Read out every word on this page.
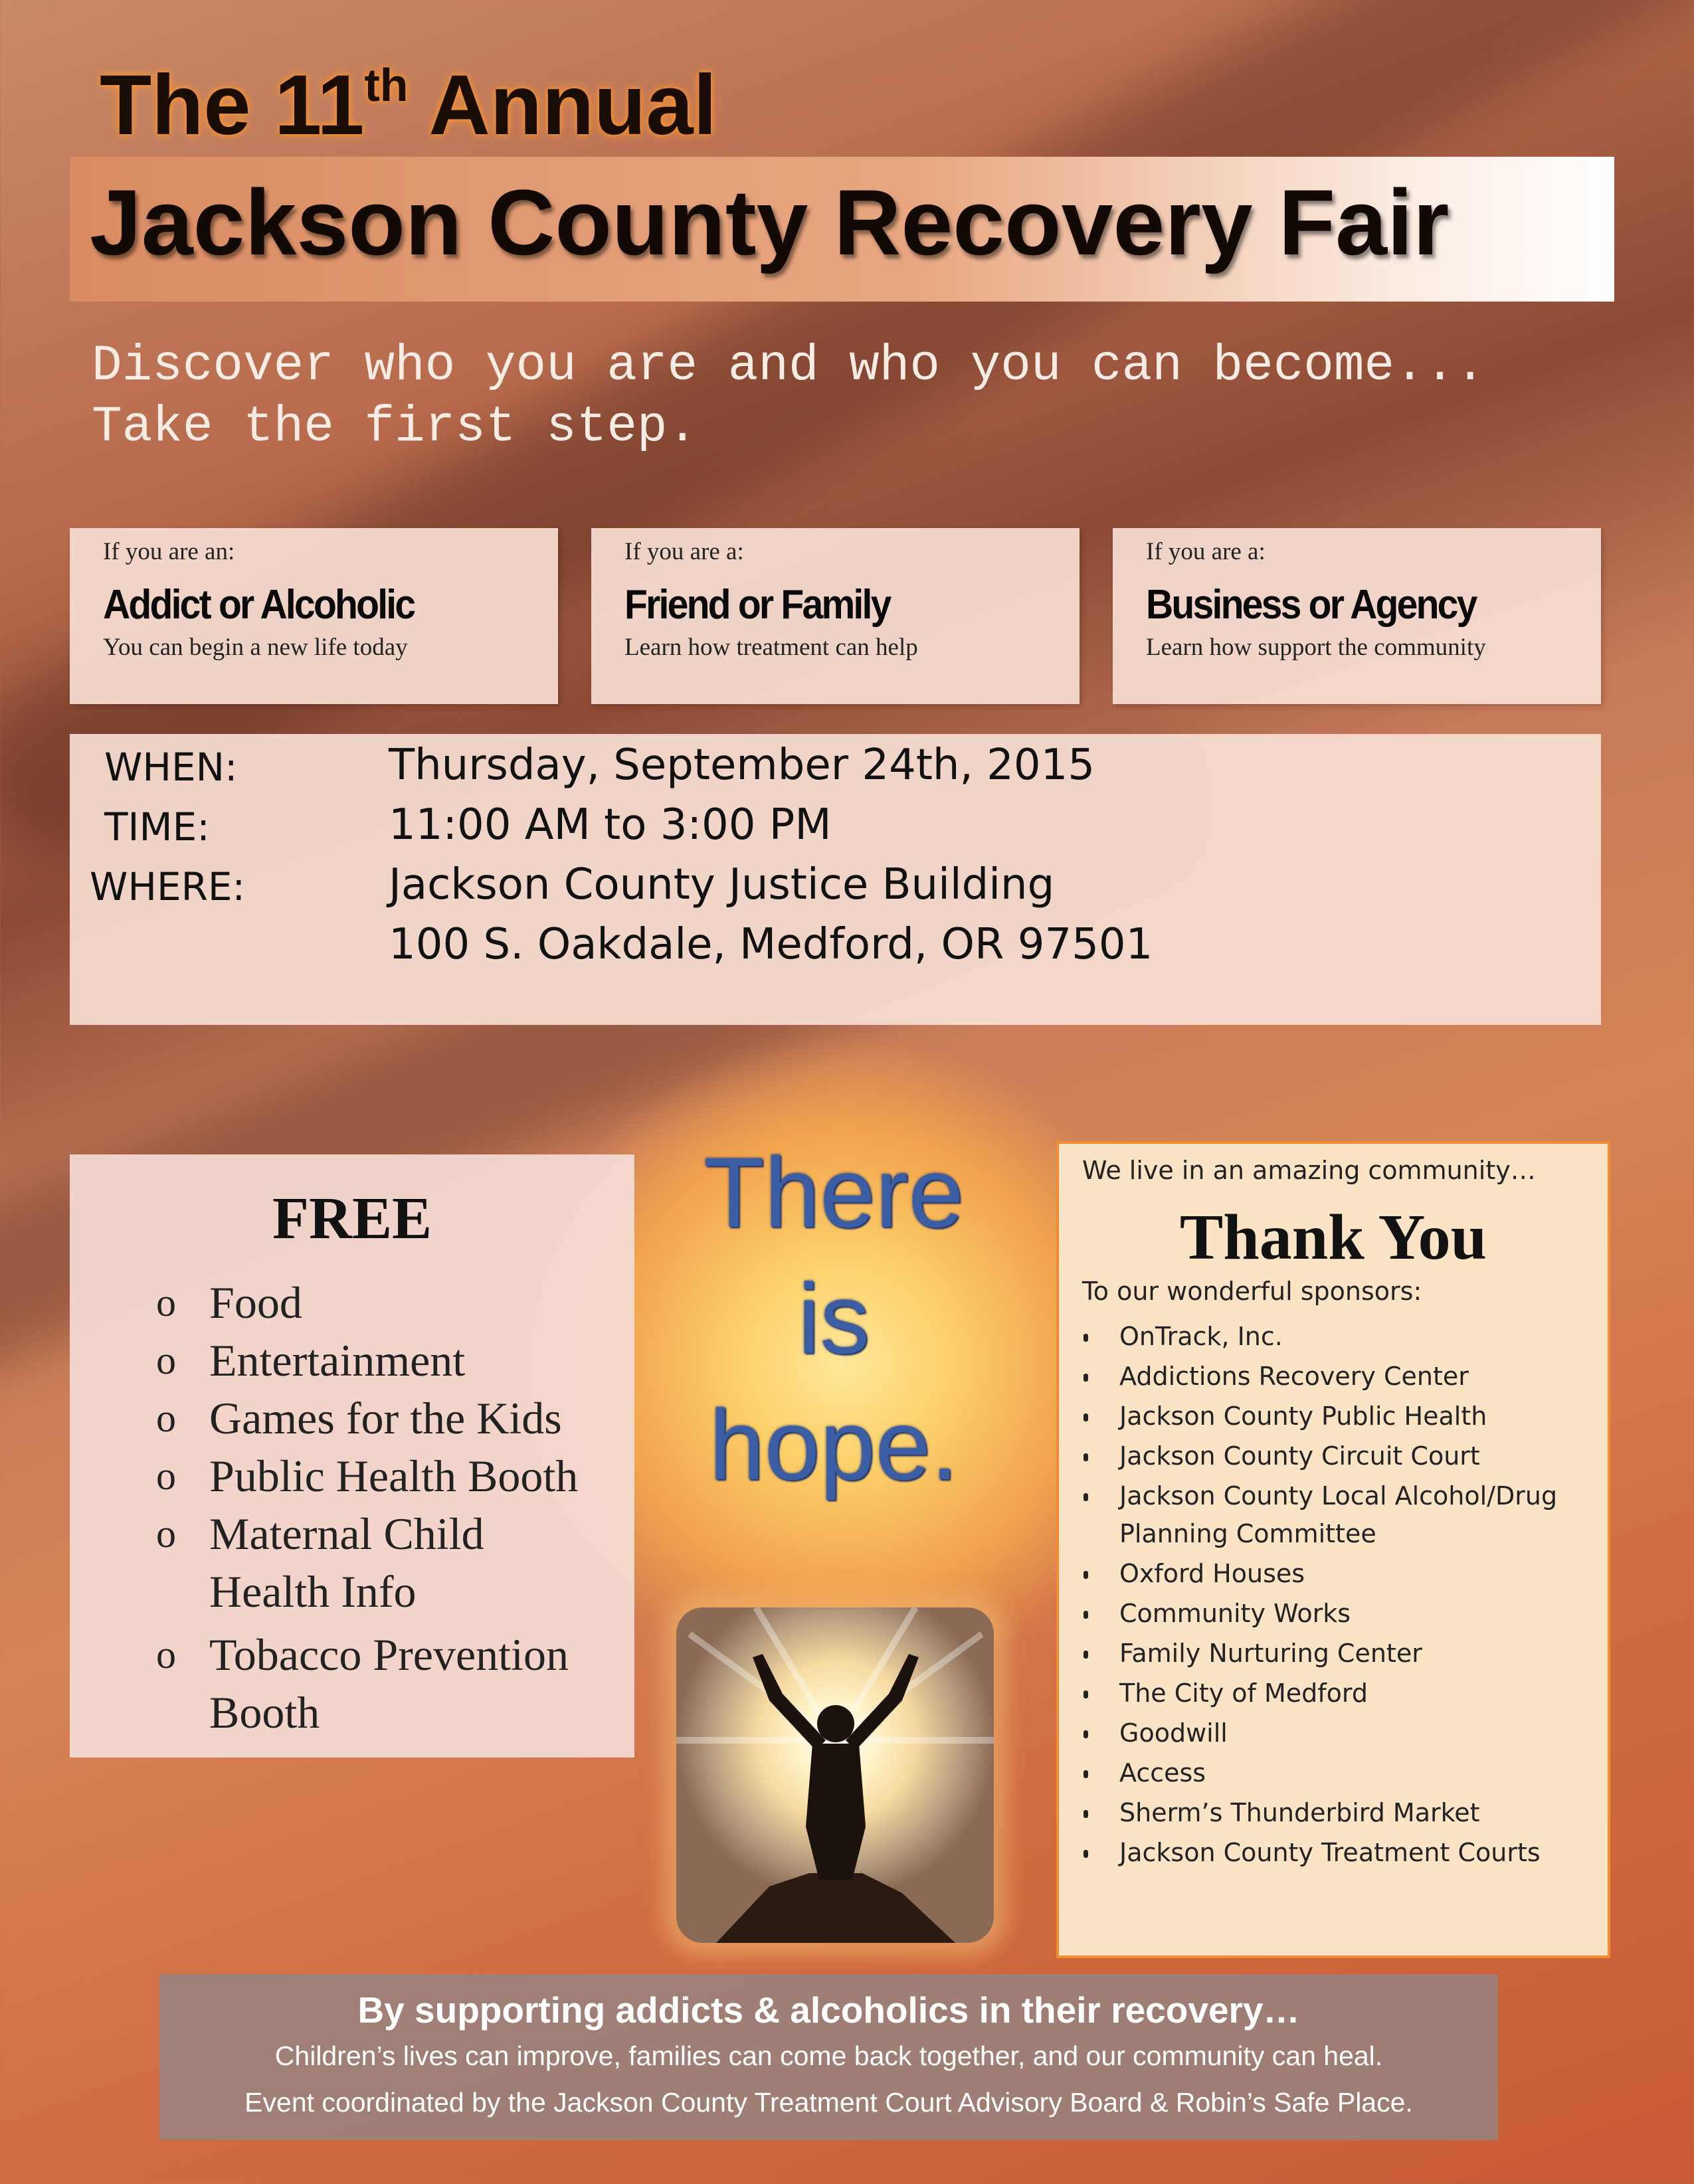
The 11th Annual
Jackson County Recovery Fair
Discover who you are and who you can become...
Take the first step.
If you are an:
Addict or Alcoholic
You can begin a new life today
If you are a:
Friend or Family
Learn how treatment can help
If you are a:
Business or Agency
Learn how support the community
WHEN:	Thursday, September 24th, 2015
TIME:	11:00 AM to 3:00 PM
WHERE:	Jackson County Justice Building
100 S. Oakdale, Medford, OR 97501
FREE
o Food
o Entertainment
o Games for the Kids
o Public Health Booth
o Maternal Child Health Info
o Tobacco Prevention Booth
There
is
hope.
We live in an amazing community…
Thank You
To our wonderful sponsors:
OnTrack, Inc.
Addictions Recovery Center
Jackson County Public Health
Jackson County Circuit Court
Jackson County Local Alcohol/Drug Planning Committee
Oxford Houses
Community Works
Family Nurturing Center
The City of Medford
Goodwill
Access
Sherm’s Thunderbird Market
Jackson County Treatment Courts
By supporting addicts & alcoholics in their recovery…
Children’s lives can improve, families can come back together, and our community can heal.
Event coordinated by the Jackson County Treatment Court Advisory Board & Robin’s Safe Place.
